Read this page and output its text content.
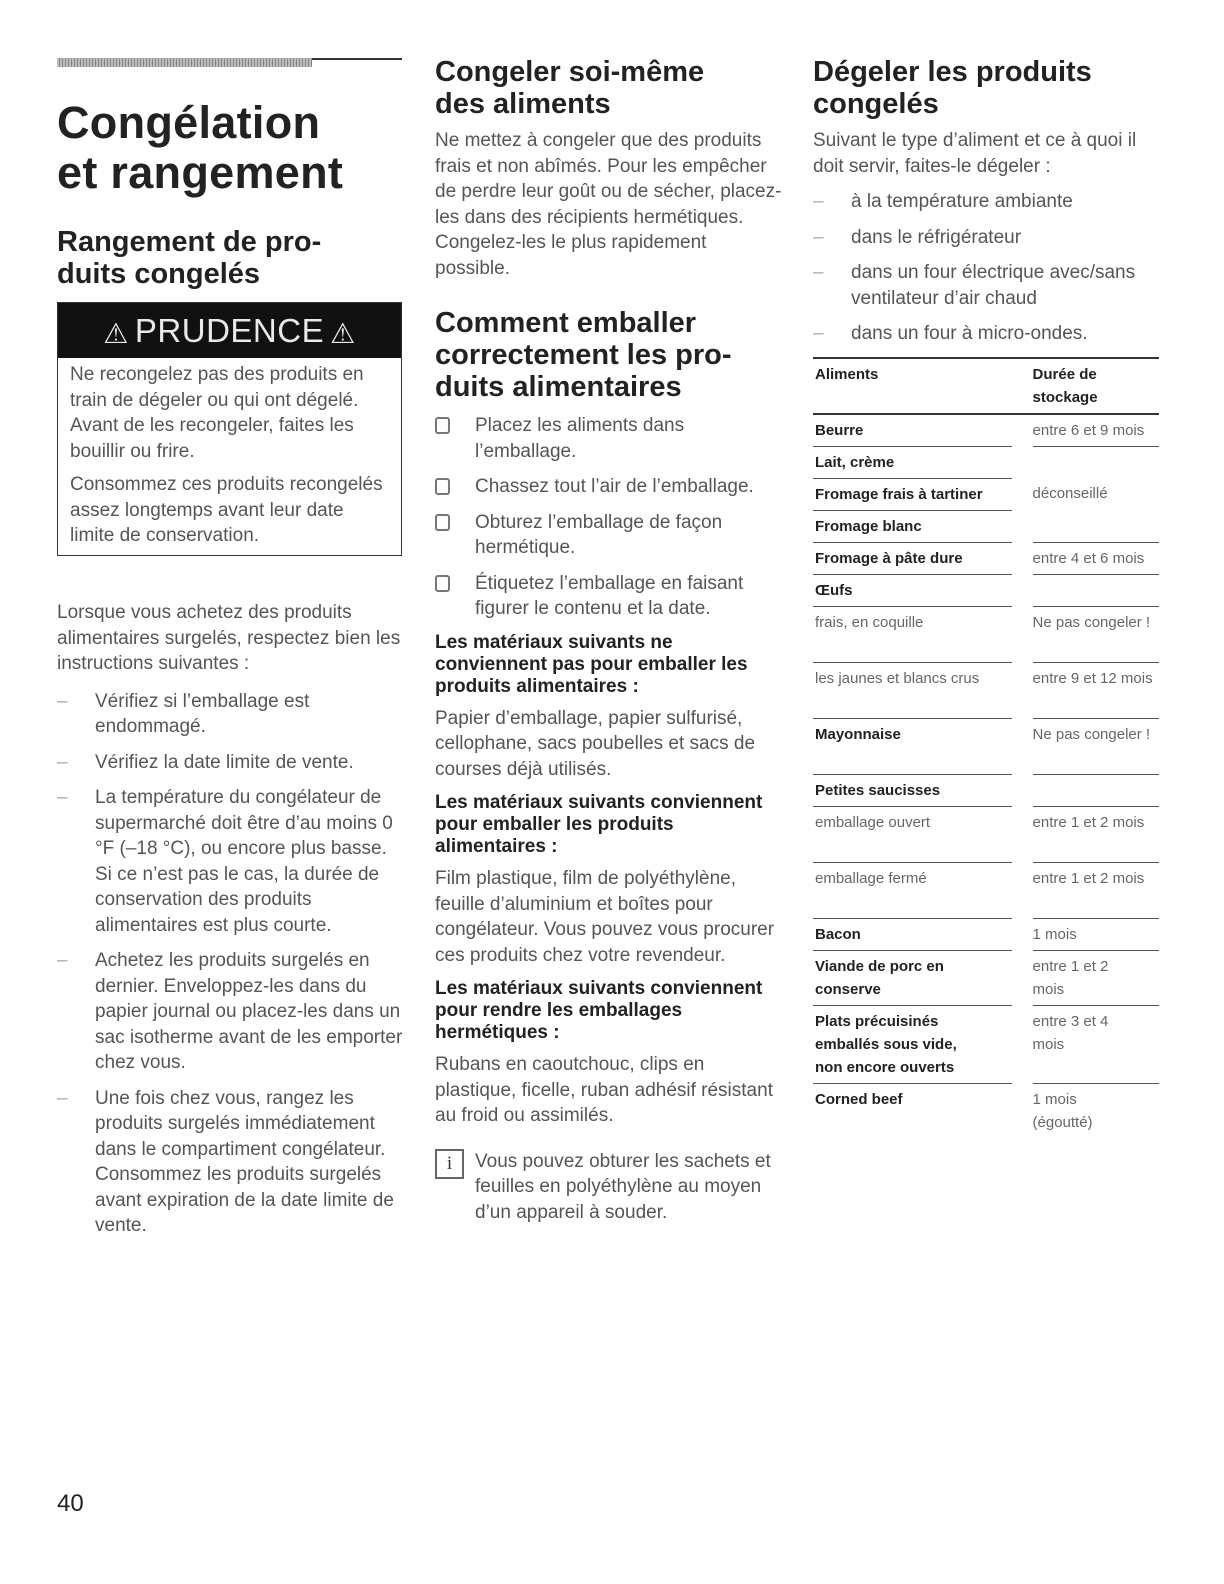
Congélation
et rangement
Rangement de pro-
duits congelés
⚠ PRUDENCE ⚠

Ne recongelez pas des produits en train de dégeler ou qui ont dégelé. Avant de les recongeler, faites les bouillir ou frire.

Consommez ces produits recongelés assez longtemps avant leur date limite de conservation.

Lorsque vous achetez des produits alimentaires surgelés, respectez bien les instructions suivantes :

– Vérifiez si l’emballage est endommagé.
– Vérifiez la date limite de vente.
– La température du congélateur de supermarché doit être d’au moins 0 °F (–18 °C), ou encore plus basse. Si ce n’est pas le cas, la durée de conservation des produits alimentaires est plus courte.
– Achetez les produits surgelés en dernier. Enveloppez-les dans du papier journal ou placez-les dans un sac isotherme avant de les emporter chez vous.
– Une fois chez vous, rangez les produits surgelés immédiatement dans le compartiment congélateur. Consommez les produits surgelés avant expiration de la date limite de vente.
Congeler soi-même
des aliments

Ne mettez à congeler que des produits frais et non abîmés. Pour les empêcher de perdre leur goût ou de sécher, placez-les dans des récipients hermétiques. Congelez-les le plus rapidement possible.

Comment emballer
correctement les pro-
duits alimentaires
Placez les aliments dans l’emballage.
Chassez tout l’air de l’emballage.
Obturez l’emballage de façon hermétique.
Étiquetez l’emballage en faisant figurer le contenu et la date.
Les matériaux suivants ne conviennent pas pour emballer les produits alimentaires :

Papier d’emballage, papier sulfurisé, cellophane, sacs poubelles et sacs de courses déjà utilisés.

Les matériaux suivants conviennent pour emballer les produits alimentaires :

Film plastique, film de polyéthylène, feuille d’aluminium et boîtes pour congélateur. Vous pouvez vous procurer ces produits chez votre revendeur.

Les matériaux suivants conviennent pour rendre les emballages hermétiques :

Rubans en caoutchouc, clips en plastique, ficelle, ruban adhésif résistant au froid ou assimilés.

i	Vous pouvez obturer les sachets et feuilles en polyéthylène au moyen d’un appareil à souder.
Dégeler les produits
congelés

Suivant le type d’aliment et ce à quoi il doit servir, faites-le dégeler :

– à la température ambiante
– dans le réfrigérateur
– dans un four électrique avec/sans ventilateur d’air chaud
– dans un four à micro-ondes.
Aliments		Durée de stockage
Beurre		entre 6 et 9 mois
Lait, crème		
Fromage frais à tartiner		déconseillé
Fromage blanc		
Fromage à pâte dure		entre 4 et 6 mois
Œufs		
frais, en coquille		Ne pas congeler !
les jaunes et blancs crus		entre 9 et 12 mois
Mayonnaise		Ne pas congeler !
Petites saucisses		
emballage ouvert		entre 1 et 2 mois
emballage fermé		entre 1 et 2 mois
Bacon		1 mois
Viande de porc en conserve		entre 1 et 2 mois
Plats précuisinés emballés sous vide, non encore ouverts		entre 3 et 4 mois
Corned beef		1 mois (égoutté)
40
